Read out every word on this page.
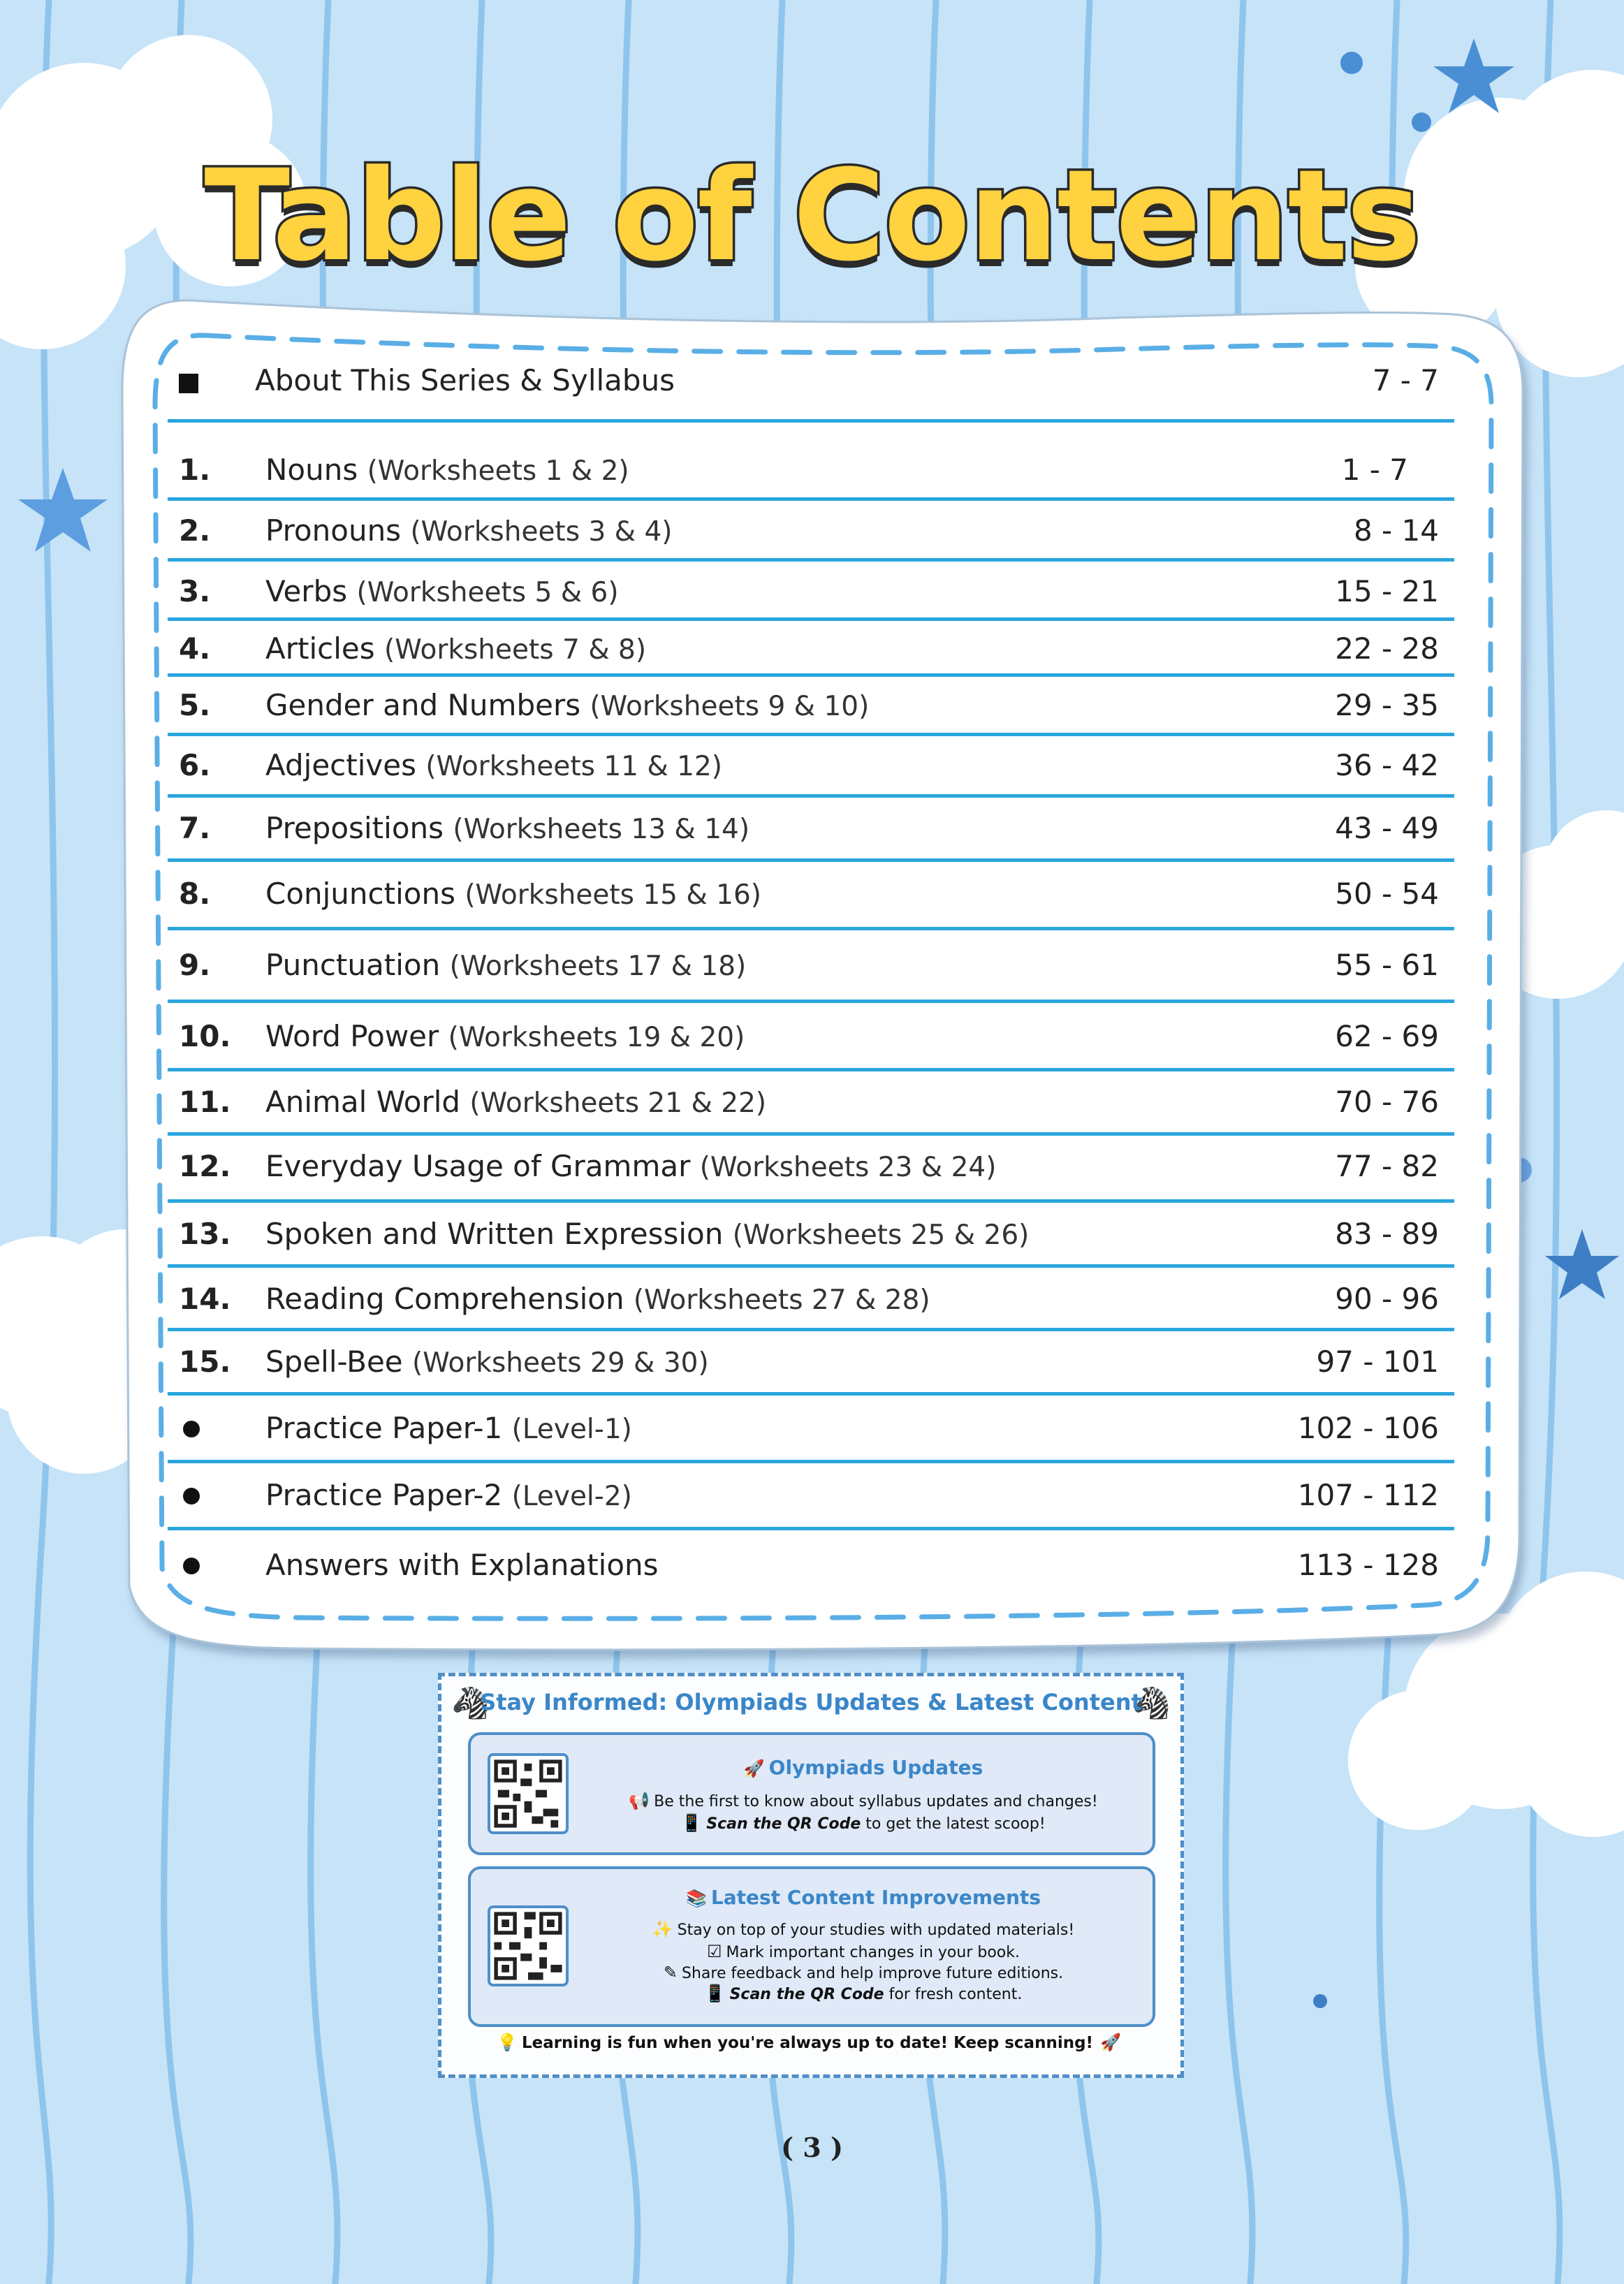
Table of Contents
About This Series & Syllabus	7 - 7
1. Nouns (Worksheets 1 & 2)	1 - 7
2. Pronouns (Worksheets 3 & 4)	8 - 14
3. Verbs (Worksheets 5 & 6)	15 - 21
4. Articles (Worksheets 7 & 8)	22 - 28
5. Gender and Numbers (Worksheets 9 & 10)	29 - 35
6. Adjectives (Worksheets 11 & 12)	36 - 42
7. Prepositions (Worksheets 13 & 14)	43 - 49
8. Conjunctions (Worksheets 15 & 16)	50 - 54
9. Punctuation (Worksheets 17 & 18)	55 - 61
10. Word Power (Worksheets 19 & 20)	62 - 69
11. Animal World (Worksheets 21 & 22)	70 - 76
12. Everyday Usage of Grammar (Worksheets 23 & 24)	77 - 82
13. Spoken and Written Expression (Worksheets 25 & 26)	83 - 89
14. Reading Comprehension (Worksheets 27 & 28)	90 - 96
15. Spell-Bee (Worksheets 29 & 30)	97 - 101
Practice Paper-1 (Level-1)	102 - 106
Practice Paper-2 (Level-2)	107 - 112
Answers with Explanations	113 - 128
🦓	🦓
Stay Informed: Olympiads Updates & Latest Content
🚀 Olympiads Updates
📢 Be the first to know about syllabus updates and changes!
📱 Scan the QR Code to get the latest scoop!
📚 Latest Content Improvements
✨ Stay on top of your studies with updated materials!
☑ Mark important changes in your book.
✎ Share feedback and help improve future editions.
📱 Scan the QR Code for fresh content.
💡 Learning is fun when you're always up to date! Keep scanning! 🚀
( 3 )
